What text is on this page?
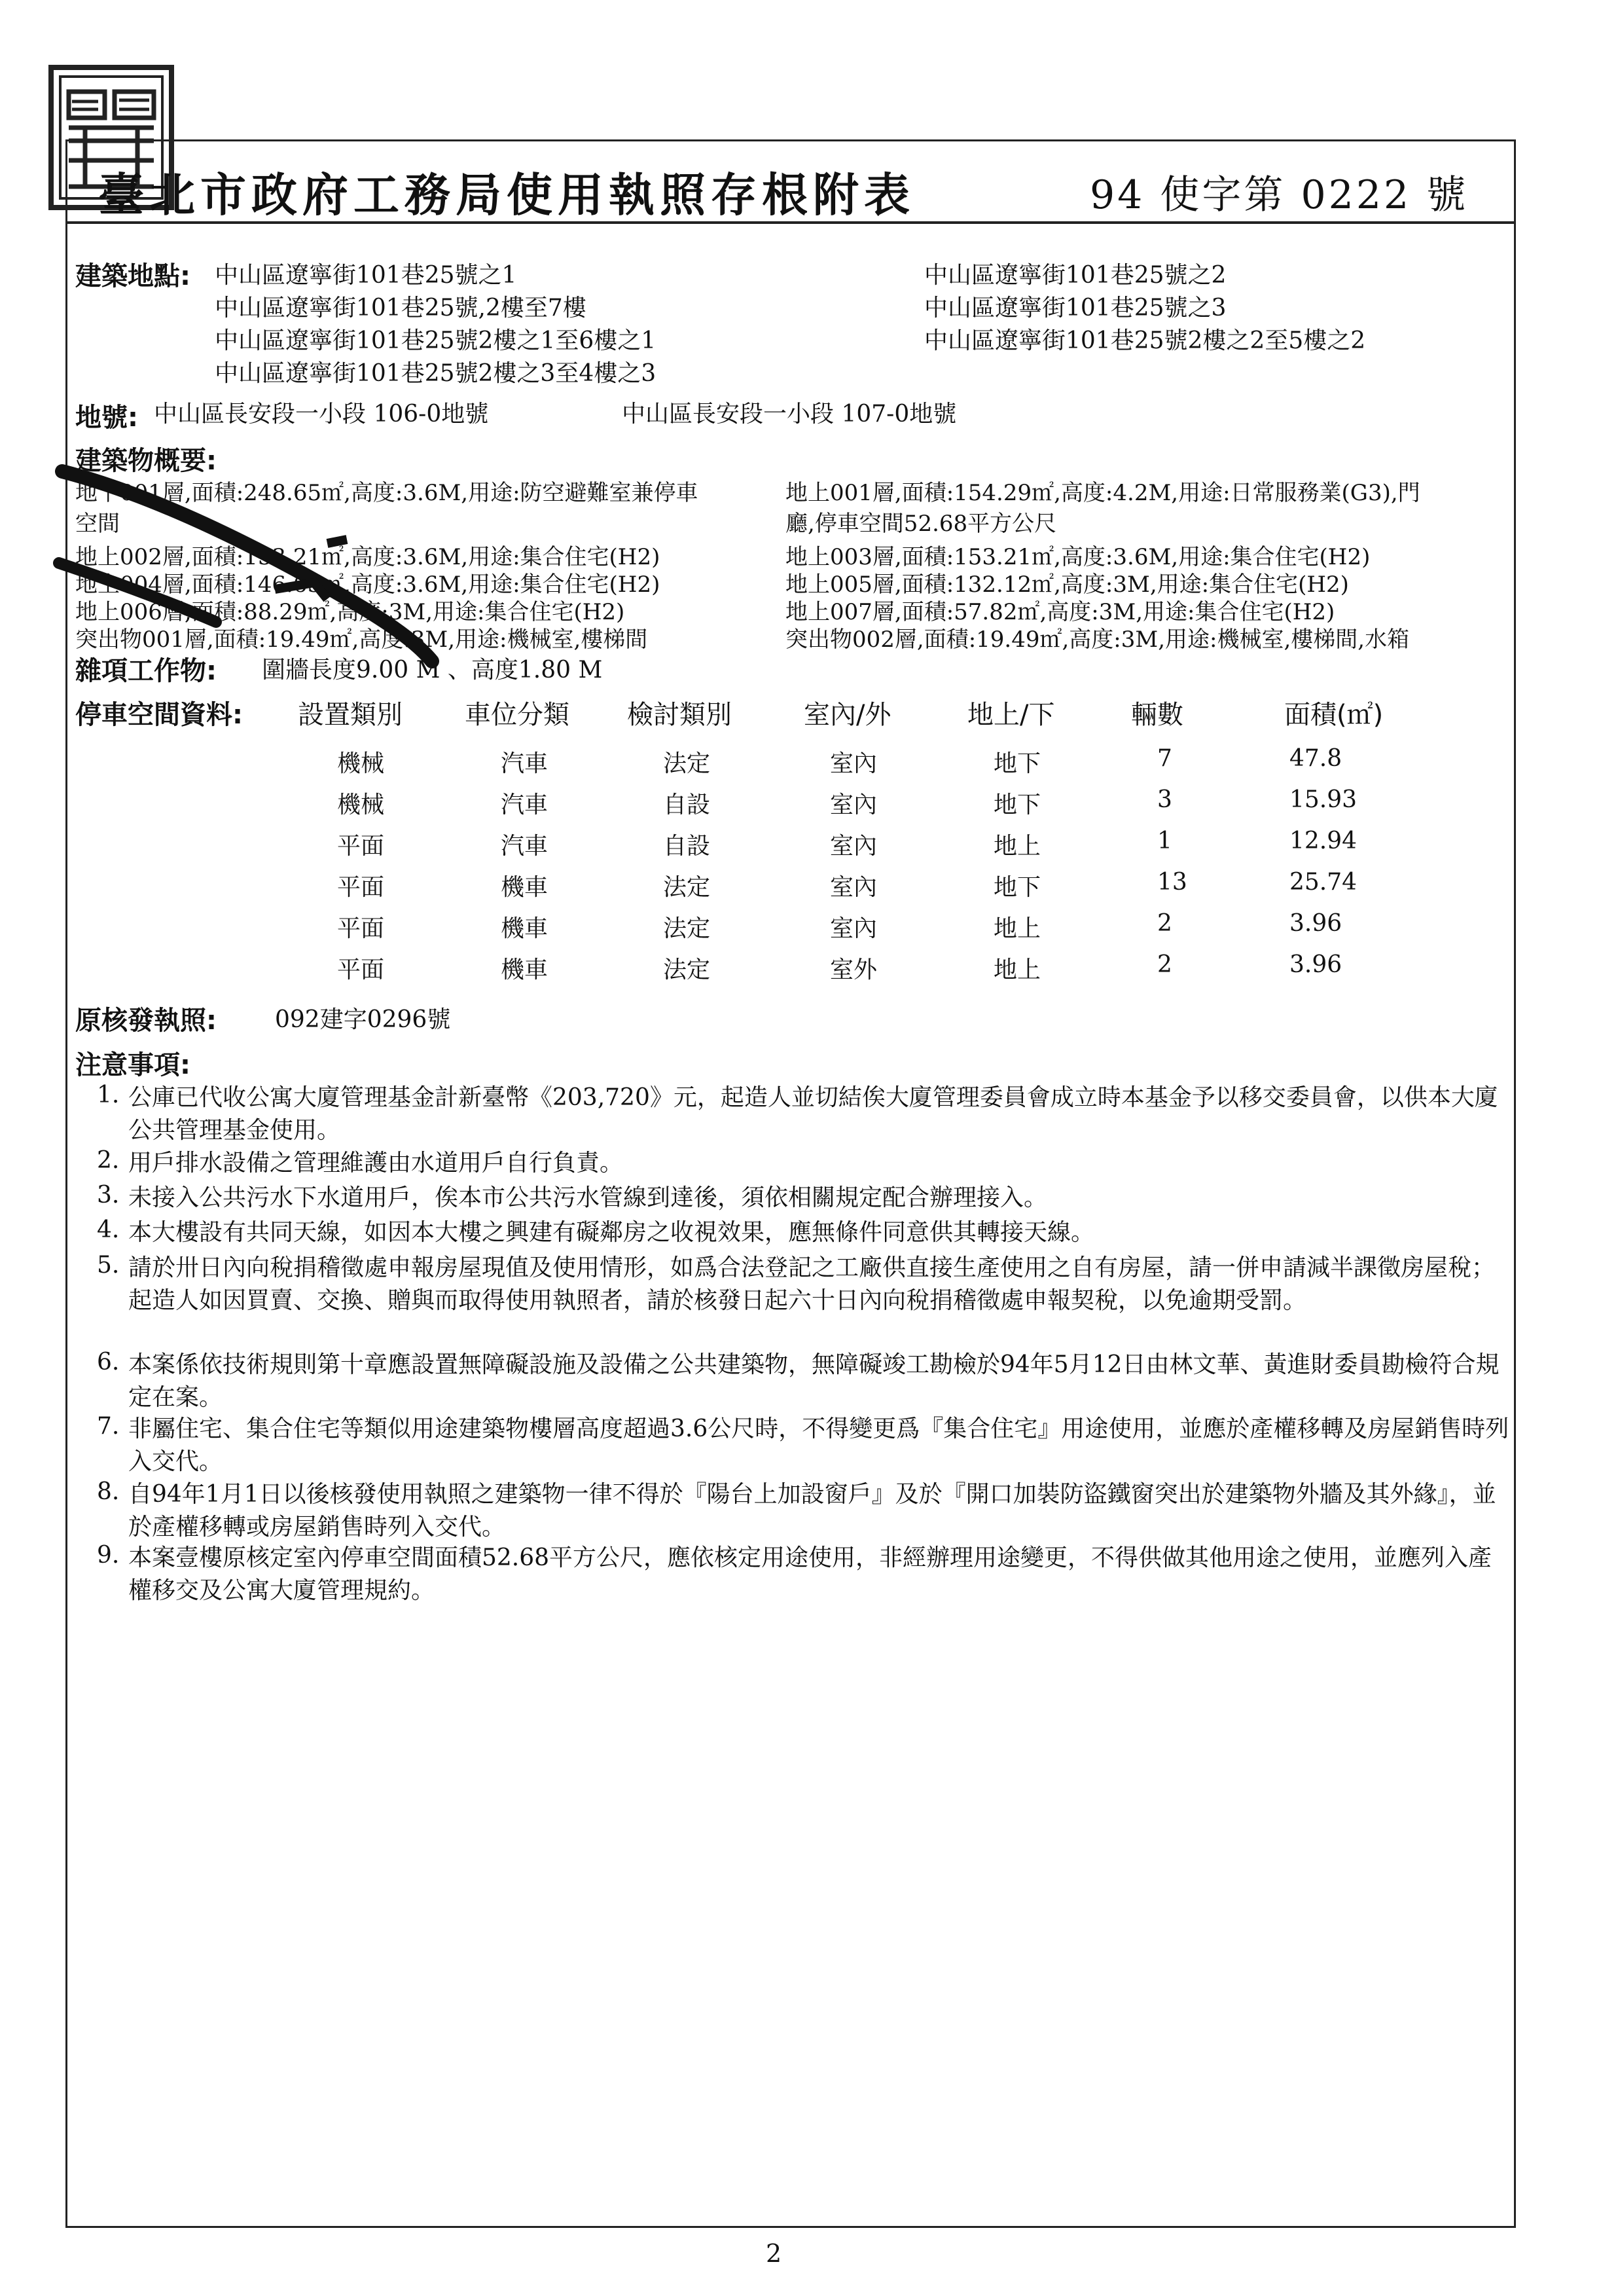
臺北市政府工務局使用執照存根附表	94 使字第 0222 號
建築地點: 中山區遼寧街101巷25號之1
中山區遼寧街101巷25號,2樓至7樓
中山區遼寧街101巷25號2樓之1至6樓之1
中山區遼寧街101巷25號2樓之3至4樓之3
中山區遼寧街101巷25號之2
中山區遼寧街101巷25號之3
中山區遼寧街101巷25號2樓之2至5樓之2
地號: 中山區長安段一小段 106-0地號	中山區長安段一小段 107-0地號
建築物概要:
地下001層,面積:248.65㎡,高度:3.6M,用途:防空避難室兼停車
空間
地上002層,面積:153.21㎡,高度:3.6M,用途:集合住宅(H2)
地上004層,面積:146.65㎡,高度:3.6M,用途:集合住宅(H2)
地上006層,面積:88.29㎡,高度:3M,用途:集合住宅(H2)
突出物001層,面積:19.49㎡,高度:3M,用途:機械室,樓梯間
地上001層,面積:154.29㎡,高度:4.2M,用途:日常服務業(G3),門
廳,停車空間52.68平方公尺
地上003層,面積:153.21㎡,高度:3.6M,用途:集合住宅(H2)
地上005層,面積:132.12㎡,高度:3M,用途:集合住宅(H2)
地上007層,面積:57.82㎡,高度:3M,用途:集合住宅(H2)
突出物002層,面積:19.49㎡,高度:3M,用途:機械室,樓梯間,水箱
雜項工作物: 圍牆長度9.00 M 、高度1.80 M
停車空間資料: 設置類別 車位分類 檢討類別	室內/外	地上/下	輛數	面積(㎡)
機械	汽車	法定	室內	地下	7	47.8
機械	汽車	自設	室內	地下	3	15.93
平面	汽車	自設	室內	地上	1	12.94
平面	機車	法定	室內	地下	13	25.74
平面	機車	法定	室內	地上	2	3.96
平面	機車	法定	室外	地上	2	3.96
原核發執照: 092建字0296號
注意事項:
1. 公庫已代收公寓大廈管理基金計新臺幣《203,720》元，起造人並切結俟大廈管理委員會成立時本基金予以移交委員會，以供本大廈公共管理基金使用。
2. 用戶排水設備之管理維護由水道用戶自行負責。
3. 未接入公共污水下水道用戶，俟本市公共污水管線到達後，須依相關規定配合辦理接入。
4. 本大樓設有共同天線，如因本大樓之興建有礙鄰房之收視效果，應無條件同意供其轉接天線。
5. 請於卅日內向稅捐稽徵處申報房屋現值及使用情形，如爲合法登記之工廠供直接生產使用之自有房屋，請一併申請減半課徵房屋稅；起造人如因買賣、交換、贈與而取得使用執照者，請於核發日起六十日內向稅捐稽徵處申報契稅，以免逾期受罰。
6. 本案係依技術規則第十章應設置無障礙設施及設備之公共建築物，無障礙竣工勘檢於94年5月12日由林文華、黃進財委員勘檢符合規定在案。
7. 非屬住宅、集合住宅等類似用途建築物樓層高度超過3.6公尺時，不得變更爲『集合住宅』用途使用，並應於產權移轉及房屋銷售時列入交代。
8. 自94年1月1日以後核發使用執照之建築物一律不得於『陽台上加設窗戶』及於『開口加裝防盜鐵窗突出於建築物外牆及其外緣』，並於產權移轉或房屋銷售時列入交代。
9. 本案壹樓原核定室內停車空間面積52.68平方公尺，應依核定用途使用，非經辦理用途變更，不得供做其他用途之使用，並應列入產權移交及公寓大廈管理規約。
2
